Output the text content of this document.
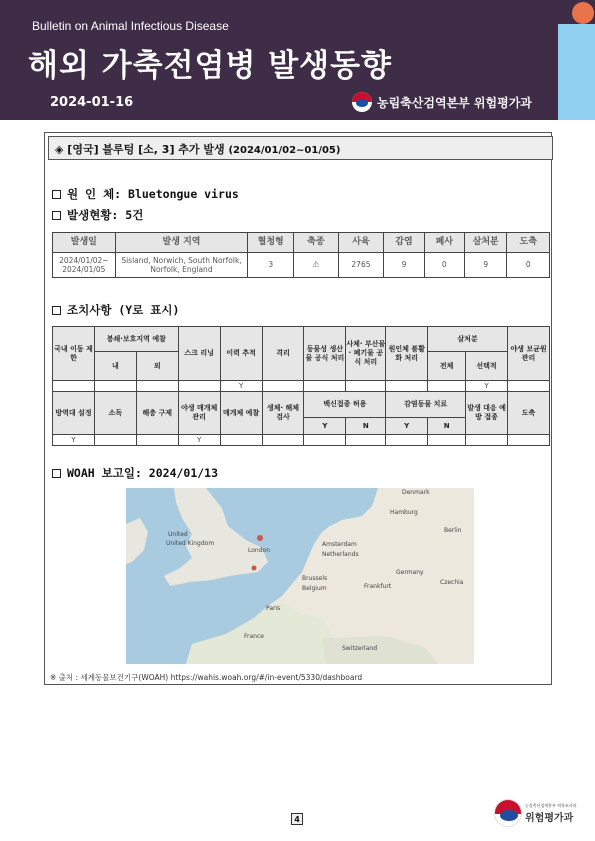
Bulletin on Animal Infectious Disease
해외 가축전염병 발생동향
2024-01-16	농림축산검역본부 위험평가과
◈ [영국] 블루텅 [소, 3] 추가 발생 (2024/01/02~01/05)
원 인 체: Bluetongue virus
발생현황: 5건
발생일	발생 지역	혈청형	축종	사육	감염	폐사	살처분	도축
2024/01/02~ 2024/01/05	Sisland, Norwich, South Norfolk, Norfolk, England	3	소	2765	9	0	9	0
조치사항 (Y로 표시)
국내 이동 제한	봉쇄·보호지역 예찰		스크 리닝	이력 추적	격리	동물성 생산물 공식 처리	사체· 부산물· 폐기물 공식 처리	원인체 불활화 처리	살처분		야생 보균원 관리
	내	외							전체	선택적	
				Y						Y	
방역대 설정	소독	해충 구제	야생 매개체 관리	매개체 예찰	생체· 해체 검사	백신접종 허용		감염동물 치료		발생 대응 예방 접종	도축
						Y	N	Y	N		
Y			Y								
WOAH 보고일: 2024/01/13
United
United Kingdom
London
Amsterdam
Netherlands
Brussels
Belgium
Paris
France
Germany
Frankfurt
Hamburg
Berlin
Switzerland
Czechia
Denmark
※ 출처 : 세계동물보건기구(WOAH) https://wahis.woah.org/#/in-event/5330/dashboard
4
농림축산검역본부 역학조사과
위험평가과
